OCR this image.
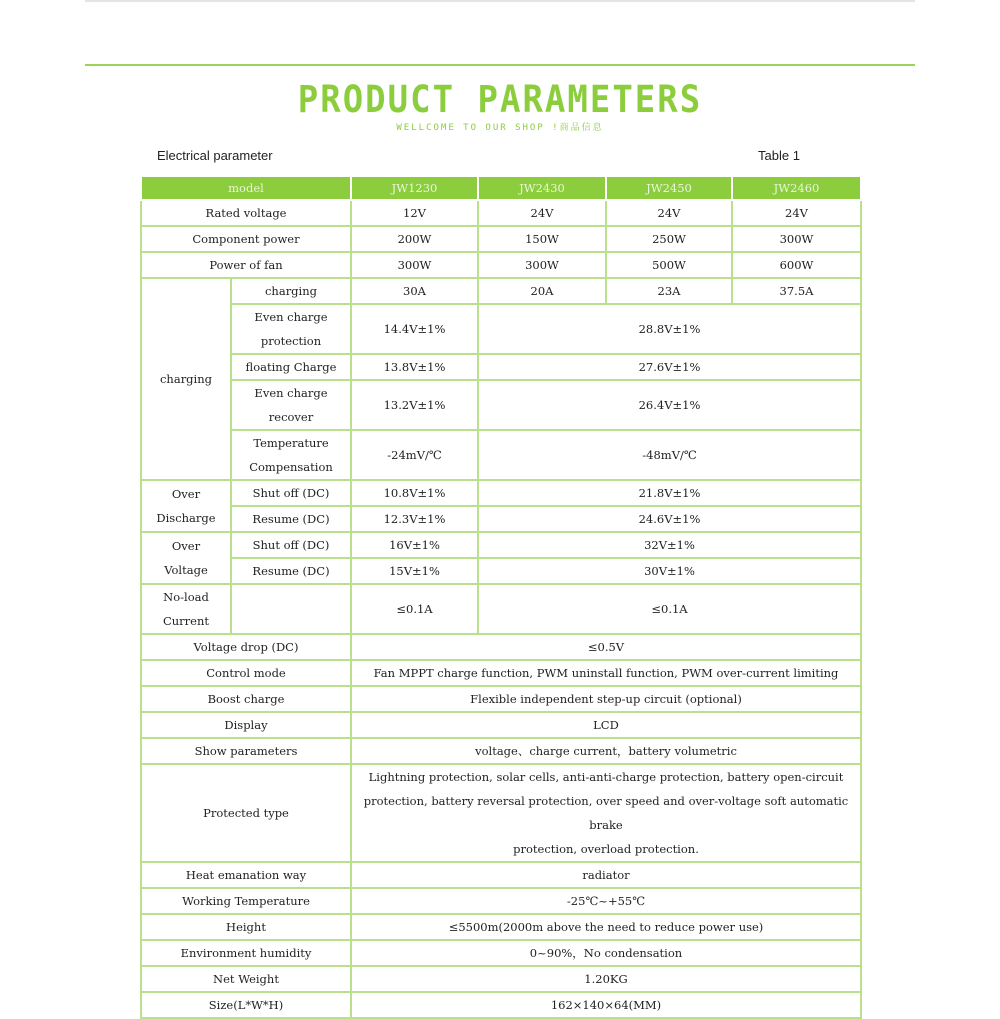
PRODUCT PARAMETERS
WELLCOME TO OUR SHOP !商品信息
Electrical parameter	Table 1
model		JW1230	JW2430	JW2450	JW2460
Rated voltage		12V	24V	24V	24V
Component power		200W	150W	250W	300W
Power of fan		300W	300W	500W	600W
charging	charging	30A	20A	23A	37.5A
	Even charge
protection	14.4V±1%	28.8V±1%		
	floating Charge	13.8V±1%	27.6V±1%		
	Even charge
recover	13.2V±1%	26.4V±1%		
	Temperature
Compensation	-24mV/℃	-48mV/℃		
Over
Discharge	Shut off (DC)	10.8V±1%	21.8V±1%		
	Resume (DC)	12.3V±1%	24.6V±1%		
Over
Voltage	Shut off (DC)	16V±1%	32V±1%		
	Resume (DC)	15V±1%	30V±1%		
No-load
Current		≤0.1A	≤0.1A		
Voltage drop (DC)		≤0.5V			
Control mode		Fan MPPT charge function, PWM uninstall function, PWM over-current limiting			
Boost charge		Flexible independent step-up circuit (optional)			
Display		LCD			
Show parameters		voltage、charge current，battery volumetric			
Protected type		Lightning protection, solar cells, anti-anti-charge protection, battery open-circuit
protection, battery reversal protection, over speed and over-voltage soft automatic brake
protection, overload protection.			
Heat emanation way		radiator			
Working Temperature		-25℃~+55℃			
Height		≤5500m(2000m above the need to reduce power use)			
Environment humidity		0~90%，No condensation			
Net Weight		1.20KG			
Size(L*W*H)		162×140×64(MM)			
